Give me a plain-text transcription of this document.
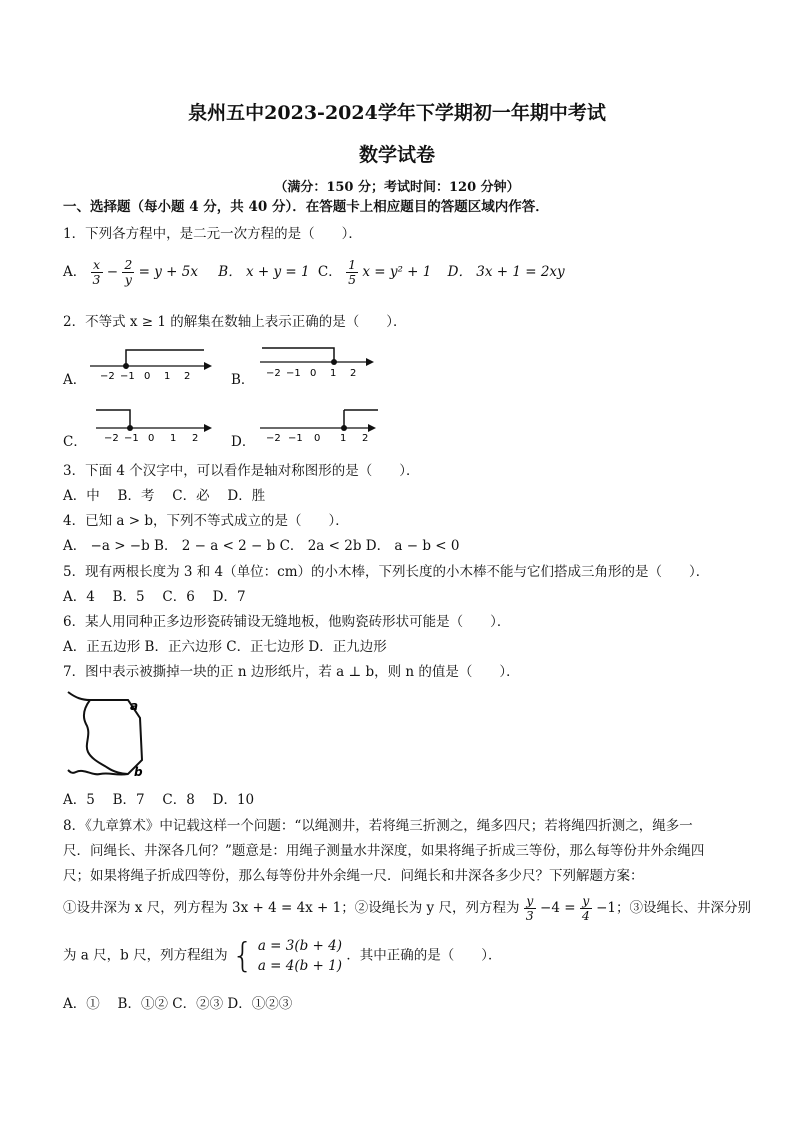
泉州五中2023-2024学年下学期初一年期中考试
数学试卷
（满分：150 分；考试时间：120 分钟）
一、选择题（每小题 4 分，共 40 分）．在答题卡上相应题目的答题区域内作答．
1．下列各方程中，是二元一次方程的是（　　）．
A． $\frac{x}{3} - \frac{2}{y} = y + 5x$ B． x + y = 1 C． $\frac{1}{5}$ x = y² + 1 D． 3x + 1 = 2xy
2．不等式 x ≥ 1 的解集在数轴上表示正确的是（　　）．
A． −2 −1 0 1 2	B． −2 −1 0 1 2
C． −2 −1 0 1 2 D． −2 −1 0 1 2
3．下面 4 个汉字中，可以看作是轴对称图形的是（　　）．
A．中　 B．考　 C．必　 D．胜
4．已知 a > b，下列不等式成立的是（　　）．
A． −a > −b B． 2 − a < 2 − b C． 2a < 2b D． a − b < 0
5．现有两根长度为 3 和 4（单位：cm）的小木棒，下列长度的小木棒不能与它们搭成三角形的是（　　）．
A．4　 B．5　 C．6　 D．7
6．某人用同种正多边形瓷砖铺设无缝地板，他购瓷砖形状可能是（　　）．
A．正五边形 B．正六边形 C．正七边形 D．正九边形
7．图中表示被撕掉一块的正 n 边形纸片，若 a ⊥ b，则 n 的值是（　　）．
a
b
A．5　 B．7　 C．8　 D．10
8．《九章算术》中记载这样一个问题：“以绳测井，若将绳三折测之，绳多四尺；若将绳四折测之，绳多一
尺．问绳长、井深各几何？”题意是：用绳子测量水井深度，如果将绳子折成三等份，那么每等份井外余绳四
尺；如果将绳子折成四等份，那么每等份井外余绳一尺．问绳长和井深各多少尺？下列解题方案：
①设井深为 x 尺，列方程为 3x + 4 = 4x + 1；②设绳长为 y 尺，列方程为 $\frac{y}{3} -4 = \frac{y}{4} -1$；③设绳长、井深分别
为 a 尺，b 尺，列方程组为 { a = 3(b + 4)
a = 4(b + 1)
．其中正确的是（　　）．
A．①　 B．①② C．②③ D．①②③
